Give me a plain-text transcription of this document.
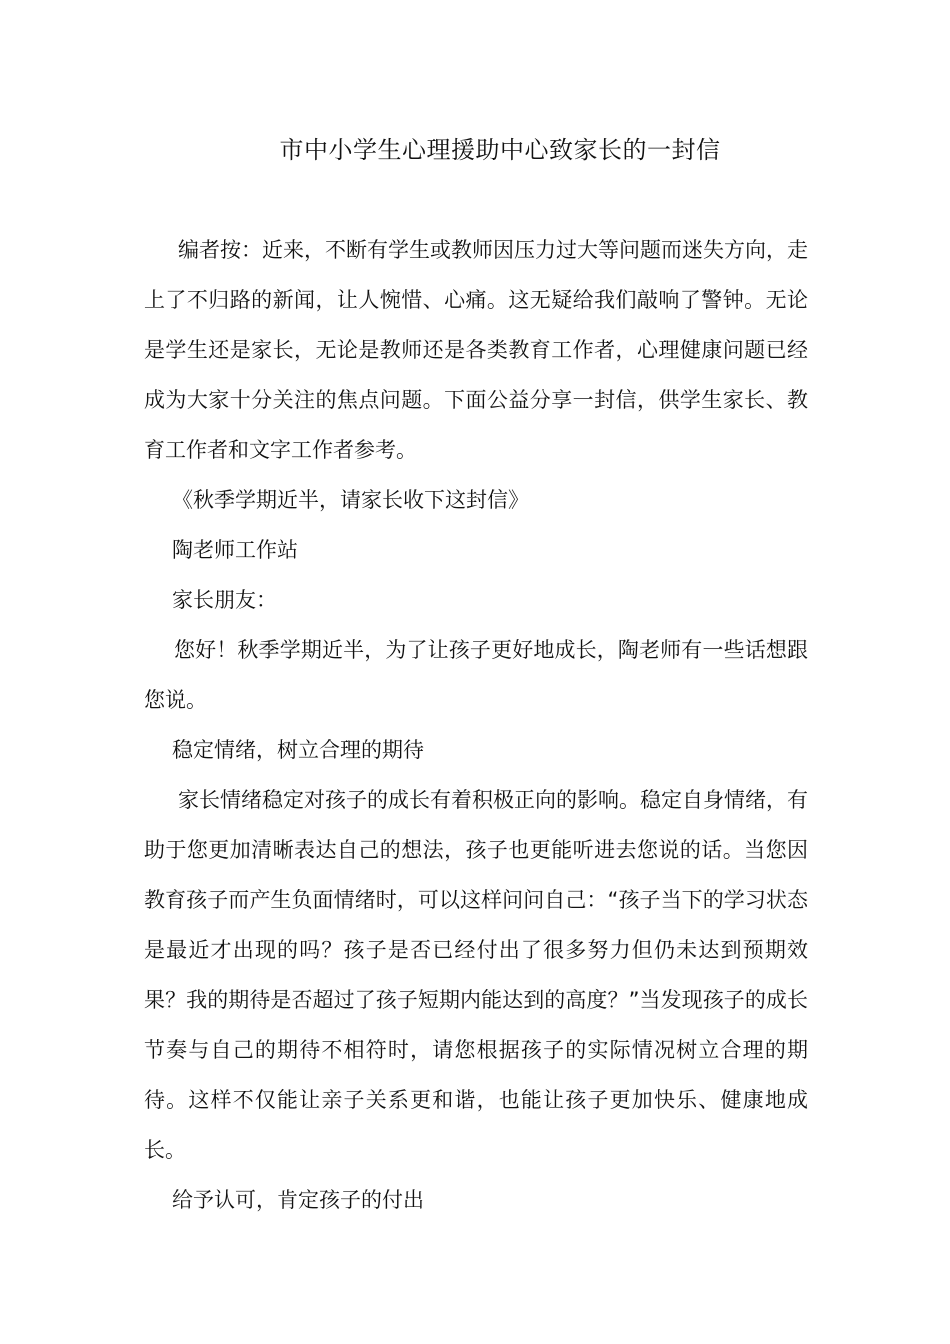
市中小学生心理援助中心致家长的一封信

编者按：近来，不断有学生或教师因压力过大等问题而迷失方向，走上了不归路的新闻，让人惋惜、心痛。这无疑给我们敲响了警钟。无论是学生还是家长，无论是教师还是各类教育工作者，心理健康问题已经成为大家十分关注的焦点问题。下面公益分享一封信，供学生家长、教育工作者和文字工作者参考。

《秋季学期近半，请家长收下这封信》

陶老师工作站

家长朋友：

您好！秋季学期近半，为了让孩子更好地成长，陶老师有一些话想跟您说。

稳定情绪，树立合理的期待

家长情绪稳定对孩子的成长有着积极正向的影响。稳定自身情绪，有助于您更加清晰表达自己的想法，孩子也更能听进去您说的话。当您因教育孩子而产生负面情绪时，可以这样问问自己：“孩子当下的学习状态是最近才出现的吗？孩子是否已经付出了很多努力但仍未达到预期效果？我的期待是否超过了孩子短期内能达到的高度？”当发现孩子的成长节奏与自己的期待不相符时，请您根据孩子的实际情况树立合理的期待。这样不仅能让亲子关系更和谐，也能让孩子更加快乐、健康地成长。

给予认可，肯定孩子的付出
